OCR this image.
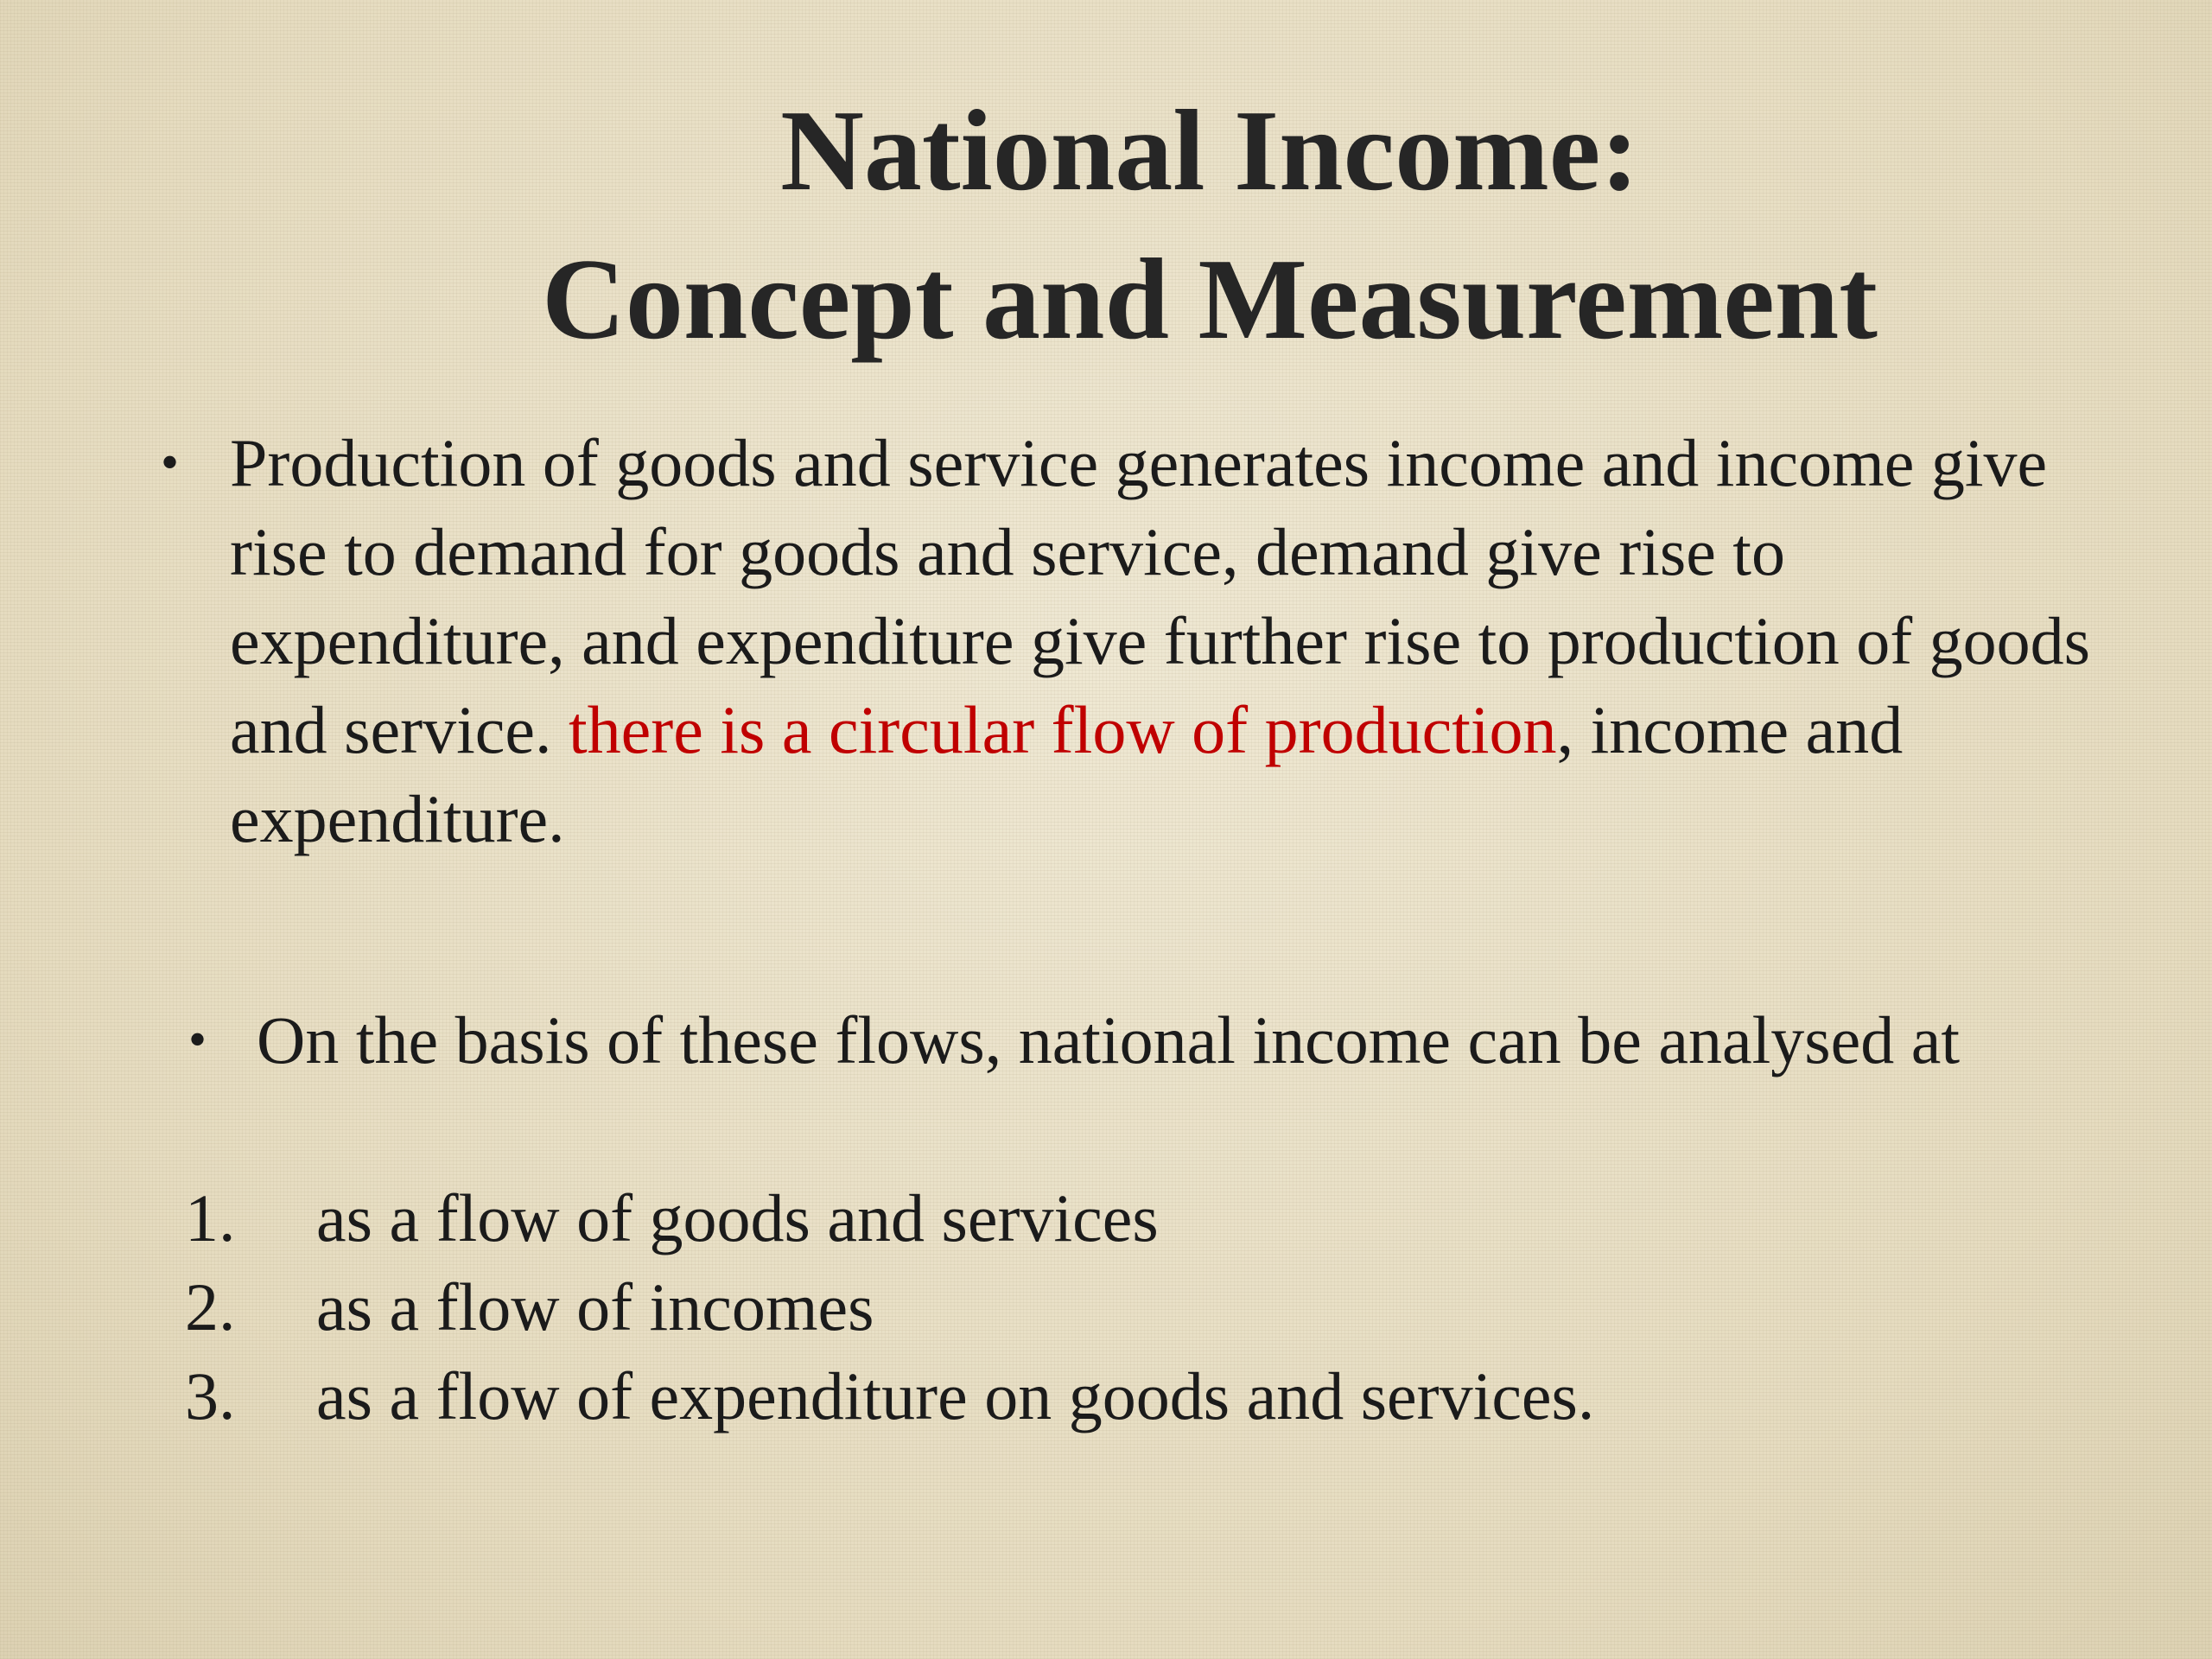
National Income:
Concept and Measurement
• Production of goods and service generates income and income give rise to demand for goods and service, demand give rise to expenditure, and expenditure give further rise to production of goods and service. there is a circular flow of production, income and expenditure.

• On the basis of these flows, national income can be analysed at

1. as a flow of goods and services
2. as a flow of incomes
3. as a flow of expenditure on goods and services.
